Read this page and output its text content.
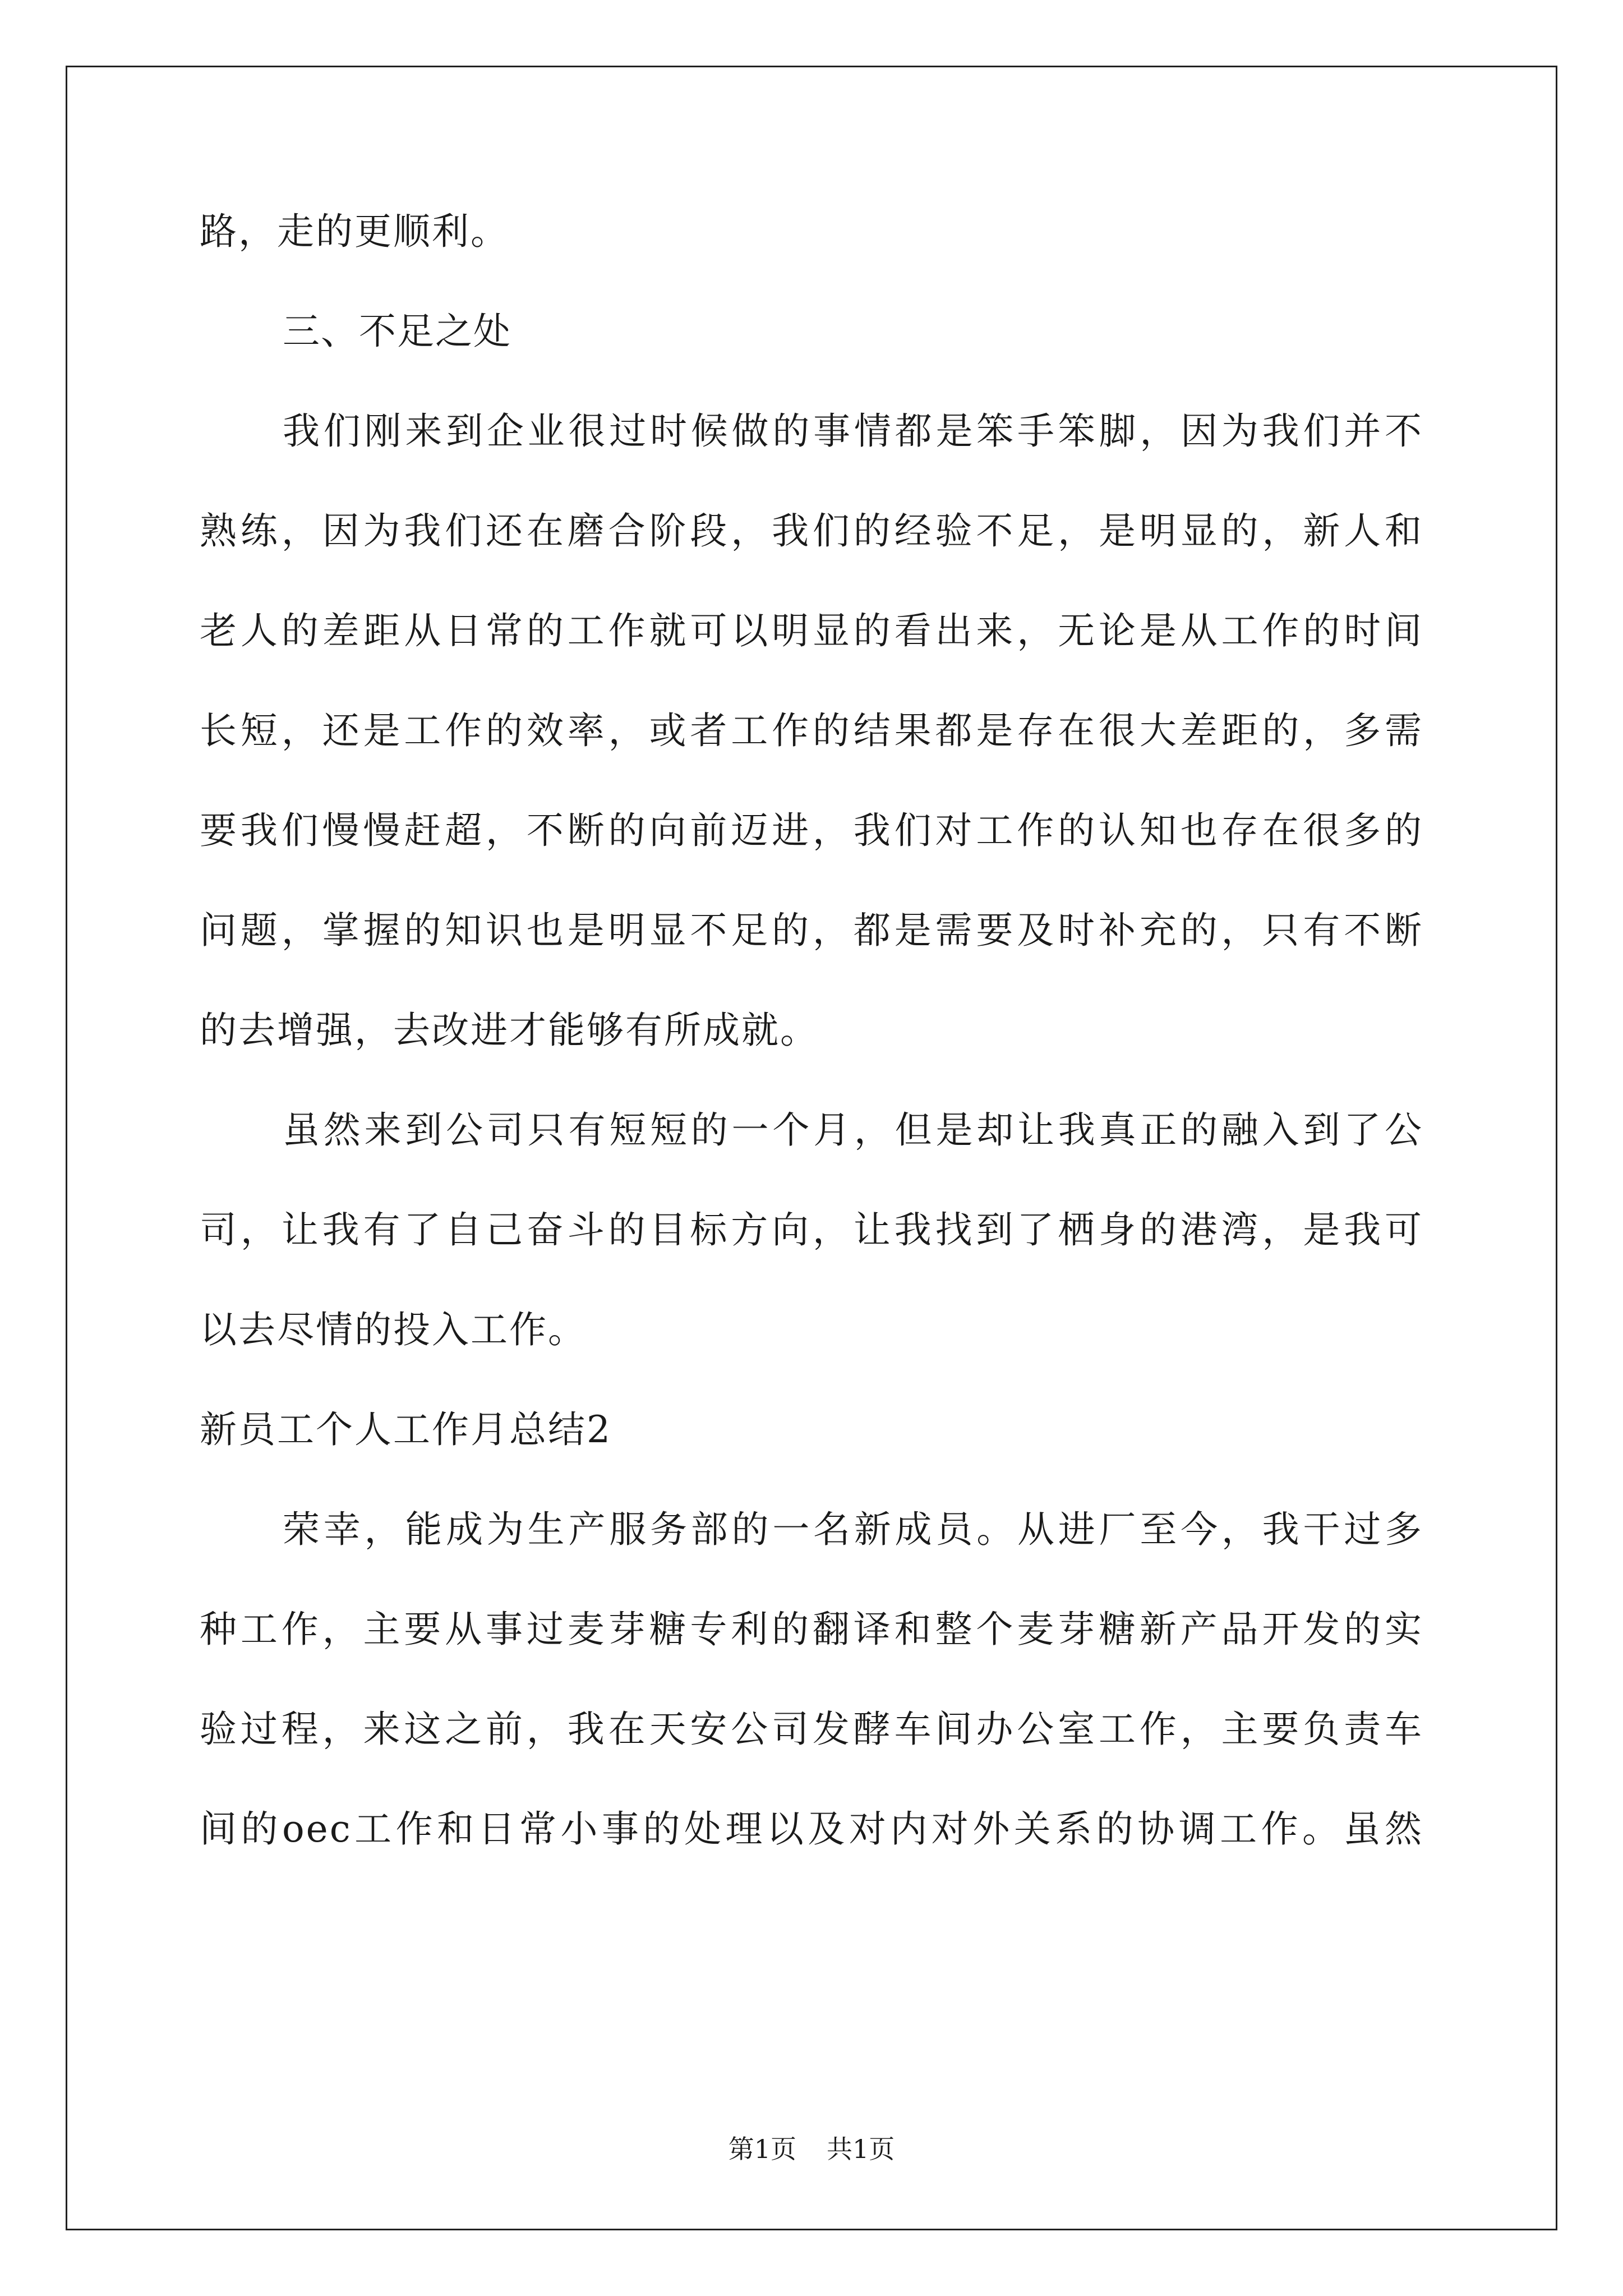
路，走的更顺利。
三、不足之处
我们刚来到企业很过时候做的事情都是笨手笨脚，因为我们并不
熟练，因为我们还在磨合阶段，我们的经验不足，是明显的，新人和
老人的差距从日常的工作就可以明显的看出来，无论是从工作的时间
长短，还是工作的效率，或者工作的结果都是存在很大差距的，多需
要我们慢慢赶超，不断的向前迈进，我们对工作的认知也存在很多的
问题，掌握的知识也是明显不足的，都是需要及时补充的，只有不断
的去增强，去改进才能够有所成就。
虽然来到公司只有短短的一个月，但是却让我真正的融入到了公
司，让我有了自己奋斗的目标方向，让我找到了栖身的港湾，是我可
以去尽情的投入工作。
新员工个人工作月总结2
荣幸，能成为生产服务部的一名新成员。从进厂至今，我干过多
种工作，主要从事过麦芽糖专利的翻译和整个麦芽糖新产品开发的实
验过程，来这之前，我在天安公司发酵车间办公室工作，主要负责车
间的oec工作和日常小事的处理以及对内对外关系的协调工作。虽然
第1页 共1页
